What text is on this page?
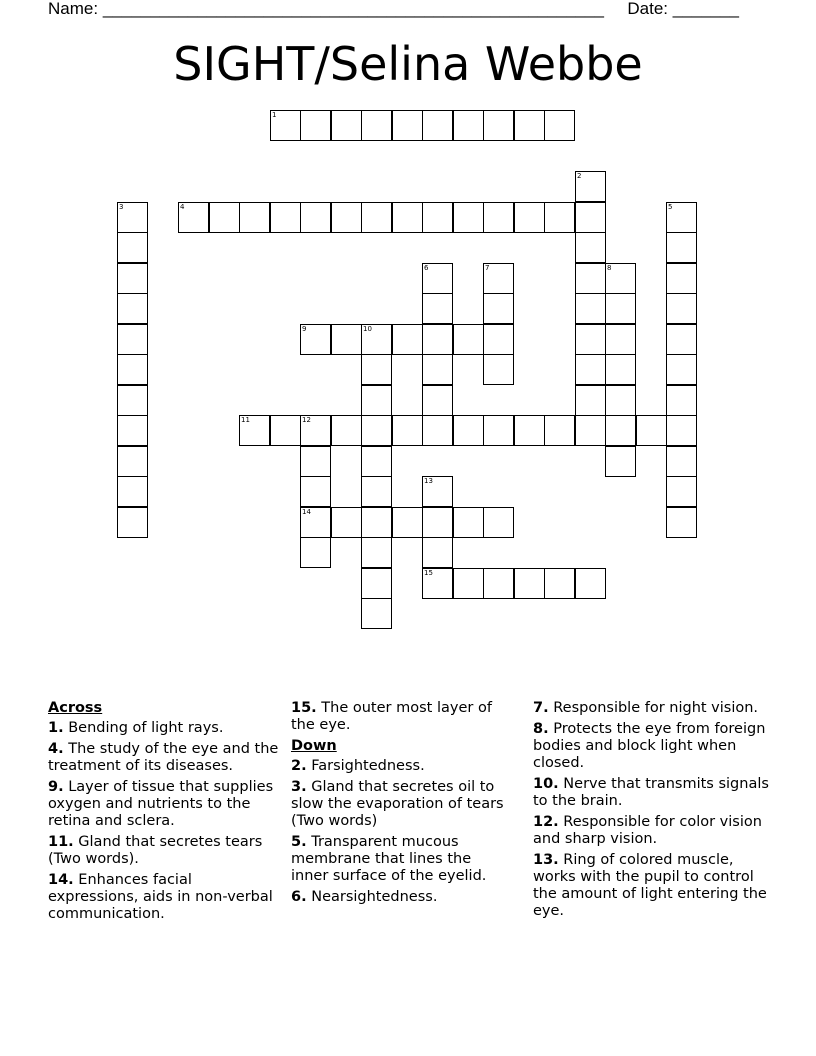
Name: _____________________________________________________ Date: _______
SIGHT/Selina Webbe
1
4
9	10
11	12
14
15
2
3	5
6	7	8
13
Across
1. Bending of light rays.
4. The study of the eye and the treatment of its diseases.
9. Layer of tissue that supplies oxygen and nutrients to the retina and sclera.
11. Gland that secretes tears (Two words).
14. Enhances facial expressions, aids in non-verbal communication.
15. The outer most layer of the eye.
Down
2. Farsightedness.
3. Gland that secretes oil to slow the evaporation of tears (Two words)
5. Transparent mucous membrane that lines the inner surface of the eyelid.
6. Nearsightedness.
7. Responsible for night vision.
8. Protects the eye from foreign bodies and block light when closed.
10. Nerve that transmits signals to the brain.
12. Responsible for color vision and sharp vision.
13. Ring of colored muscle, works with the pupil to control the amount of light entering the eye.
